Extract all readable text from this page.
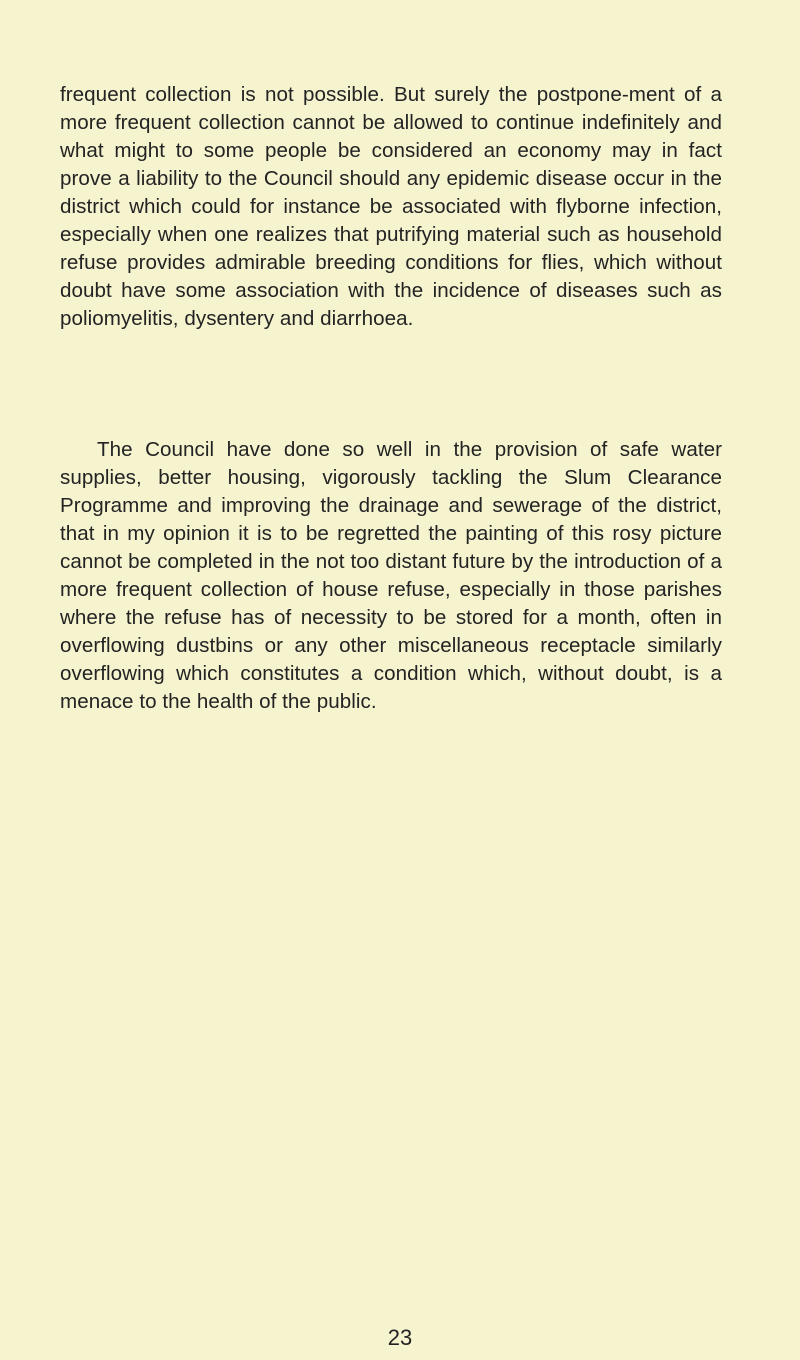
frequent collection is not possible. But surely the postpone-ment of a more frequent collection cannot be allowed to continue indefinitely and what might to some people be considered an economy may in fact prove a liability to the Council should any epidemic disease occur in the district which could for instance be associated with flyborne infection, especially when one realizes that putrifying material such as household refuse provides admirable breeding conditions for flies, which without doubt have some association with the incidence of diseases such as poliomyelitis, dysentery and diarrhoea.

The Council have done so well in the provision of safe water supplies, better housing, vigorously tackling the Slum Clearance Programme and improving the drainage and sewerage of the district, that in my opinion it is to be regretted the painting of this rosy picture cannot be completed in the not too distant future by the introduction of a more frequent collection of house refuse, especially in those parishes where the refuse has of necessity to be stored for a month, often in overflowing dustbins or any other miscellaneous receptacle similarly overflowing which constitutes a condition which, without doubt, is a menace to the health of the public.

23
